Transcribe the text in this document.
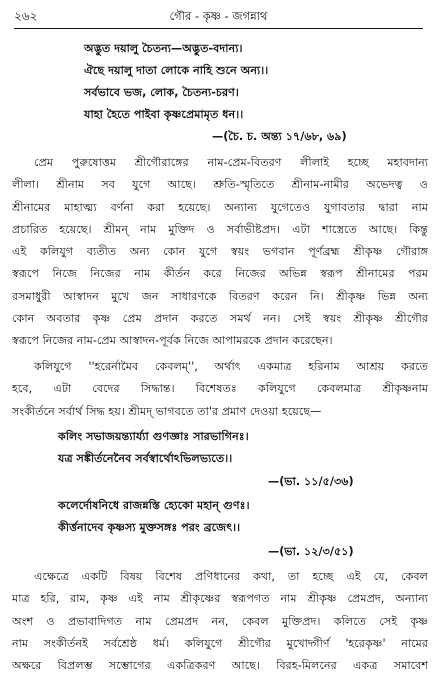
২৬২	গৌর - কৃষ্ণ - জগন্নাথ
অদ্ভুত দয়ালু চৈতন্য—অদ্ভুত-বদান্য।
ঐছে দয়ালু দাতা লোকে নাহি শুনে অন্য।।
সর্বভাবে ভজ, লোক, চৈতন্য-চরণ।
যাহা হৈতে পাইবা কৃষ্ণপ্রেমামৃত ধন।।
—(চৈ. চ. অন্ত্য ১৭/৬৮, ৬৯)
প্রেম পুরুষোত্তম শ্রীগৌরাঙ্গের নাম-প্রেম-বিতরণ লীলাই হচ্ছে মহাবদান্য
লীলা। শ্রীনাম সব যুগে আছে। শ্রুতি-স্মৃতিতে শ্রীনাম-নামীর অভেদত্ব ও
শ্রীনামের মাহাত্ম্য বর্ণনা করা হয়েছে। অন্যান্য যুগেতেও যুগাবতার দ্বারা নাম
প্রচারিত হয়েছে। শ্রীমন্‌ নাম মুক্তিদ ও সর্বাভীষ্টপ্রদ। এটা শাস্ত্রেতে আছে। কিন্তু
এই কলিযুগ ব্যতীত অন্য কোন যুগে স্বয়ং ভগবান পূর্ণব্রহ্ম শ্রীকৃষ্ণ গৌরাঙ্গ
স্বরূপে নিজে নিজের নাম কীর্তন করে নিজের অভিন্ন স্বরূপ শ্রীনামের পরম
রসমাধুরী আস্বাদন মুখে জন সাধারণকে বিতরণ করেন নি। শ্রীকৃষ্ণ ভিন্ন অন্য
কোন অবতার কৃষ্ণ প্রেম প্রদান করতে সমর্থ নন। সেই স্বয়ং শ্রীকৃষ্ণ শ্রীগৌর
স্বরূপে নিজের নাম-প্রেম আস্বাদন-পূর্বক নিজে আপামরকে প্রদান করেছেন।
কলিযুগে ''হরের্নামৈব কেবলম্‌'', অর্থাৎ একমাত্র হরিনাম আশ্রয় করতে
হবে, এটা বেদের সিদ্ধান্ত। বিশেষতঃ কলিযুগে কেবলমাত্র শ্রীকৃষ্ণনাম
সংকীর্তনে সর্বার্থ সিদ্ধ হয়। শ্রীমদ্‌ ভাগবতে তা'র প্রমাণ দেওয়া হয়েছে—
কলিং সভাজয়ন্ত্যার্য্যা গুণজ্ঞাঃ সারভাগিনঃ।
যত্র সঙ্কীর্তনেনৈব সর্বস্বার্থোঽভিলভ্যতে।।
—(ভা. ১১/৫/৩৬)
কলের্দোষনিধে রাজন্নস্তি হ্যেকো মহান্‌ গুণঃ।
কীর্ত্তনাদেব কৃষ্ণস্য মুক্তসঙ্গঃ পরং ব্রজেৎ।।
—(ভা. ১২/৩/৫১)
এক্ষেত্রে একটি বিষয় বিশেষ প্রণিধানের কথা, তা হচ্ছে এই যে, কেবল
মাত্র হরি, রাম, কৃষ্ণ এই নাম শ্রীকৃষ্ণের স্বরূপগত নাম শ্রীকৃষ্ণ প্রেমপ্রদ, অন্যান্য
অংশ ও প্রভাবাদিগত নাম প্রেমপ্রদ নন, কেবল মুক্তিপ্রদ। কলিতে সেই কৃষ্ণ
নাম সংকীর্তনই সর্বশ্রেষ্ঠ ধর্ম। কলিযুগে শ্রীগৌর মুখোদ্গীর্ণ 'হরেকৃষ্ণ' নামের
অক্ষরে বিপ্রলম্ভ সম্ভোগের একত্রিকরণ আছে। বিরহ-মিলনের একত্র সমাবেশ
